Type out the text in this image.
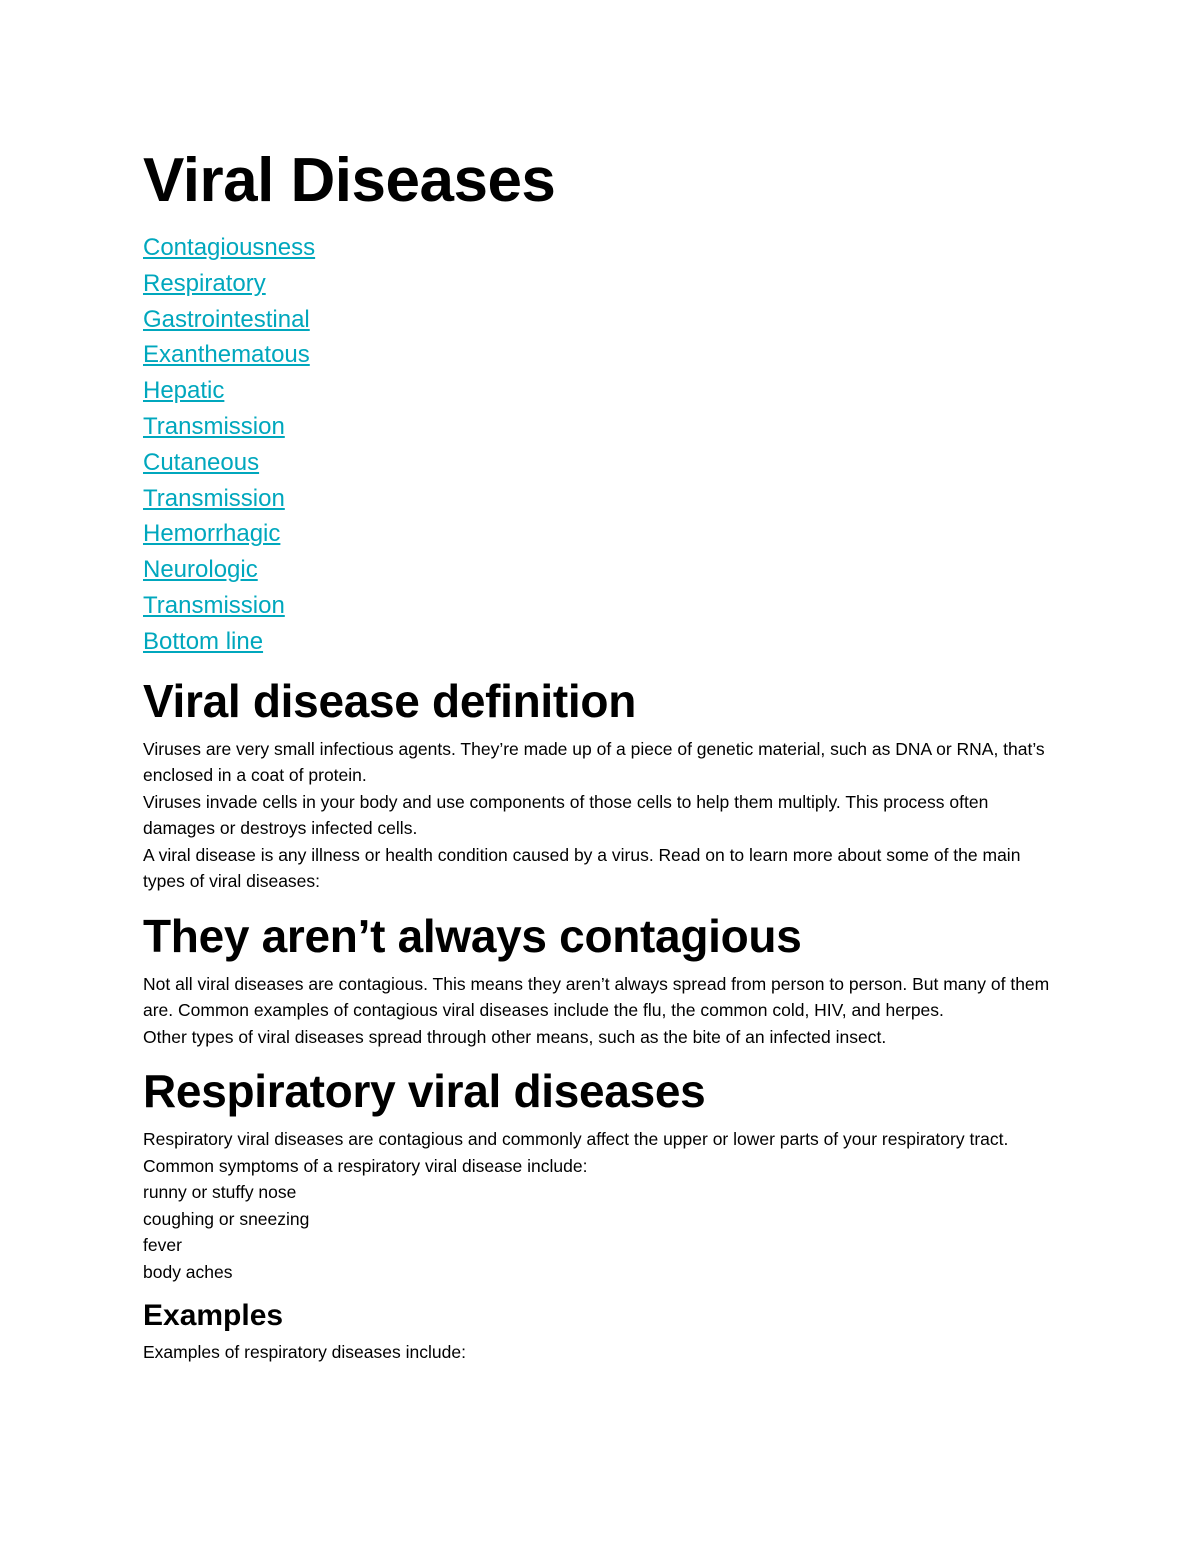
Viral Diseases
Contagiousness
Respiratory
Gastrointestinal
Exanthematous
Hepatic
Transmission
Cutaneous
Transmission
Hemorrhagic
Neurologic
Transmission
Bottom line
Viral disease definition

Viruses are very small infectious agents. They’re made up of a piece of genetic material, such as DNA or RNA, that’s enclosed in a coat of protein.

Viruses invade cells in your body and use components of those cells to help them multiply. This process often damages or destroys infected cells.

A viral disease is any illness or health condition caused by a virus. Read on to learn more about some of the main types of viral diseases:

They aren’t always contagious

Not all viral diseases are contagious. This means they aren’t always spread from person to person. But many of them are. Common examples of contagious viral diseases include the flu, the common cold, HIV, and herpes.

Other types of viral diseases spread through other means, such as the bite of an infected insect.

Respiratory viral diseases

Respiratory viral diseases are contagious and commonly affect the upper or lower parts of your respiratory tract.

Common symptoms of a respiratory viral disease include:

runny or stuffy nose

coughing or sneezing

fever

body aches

Examples

Examples of respiratory diseases include:
